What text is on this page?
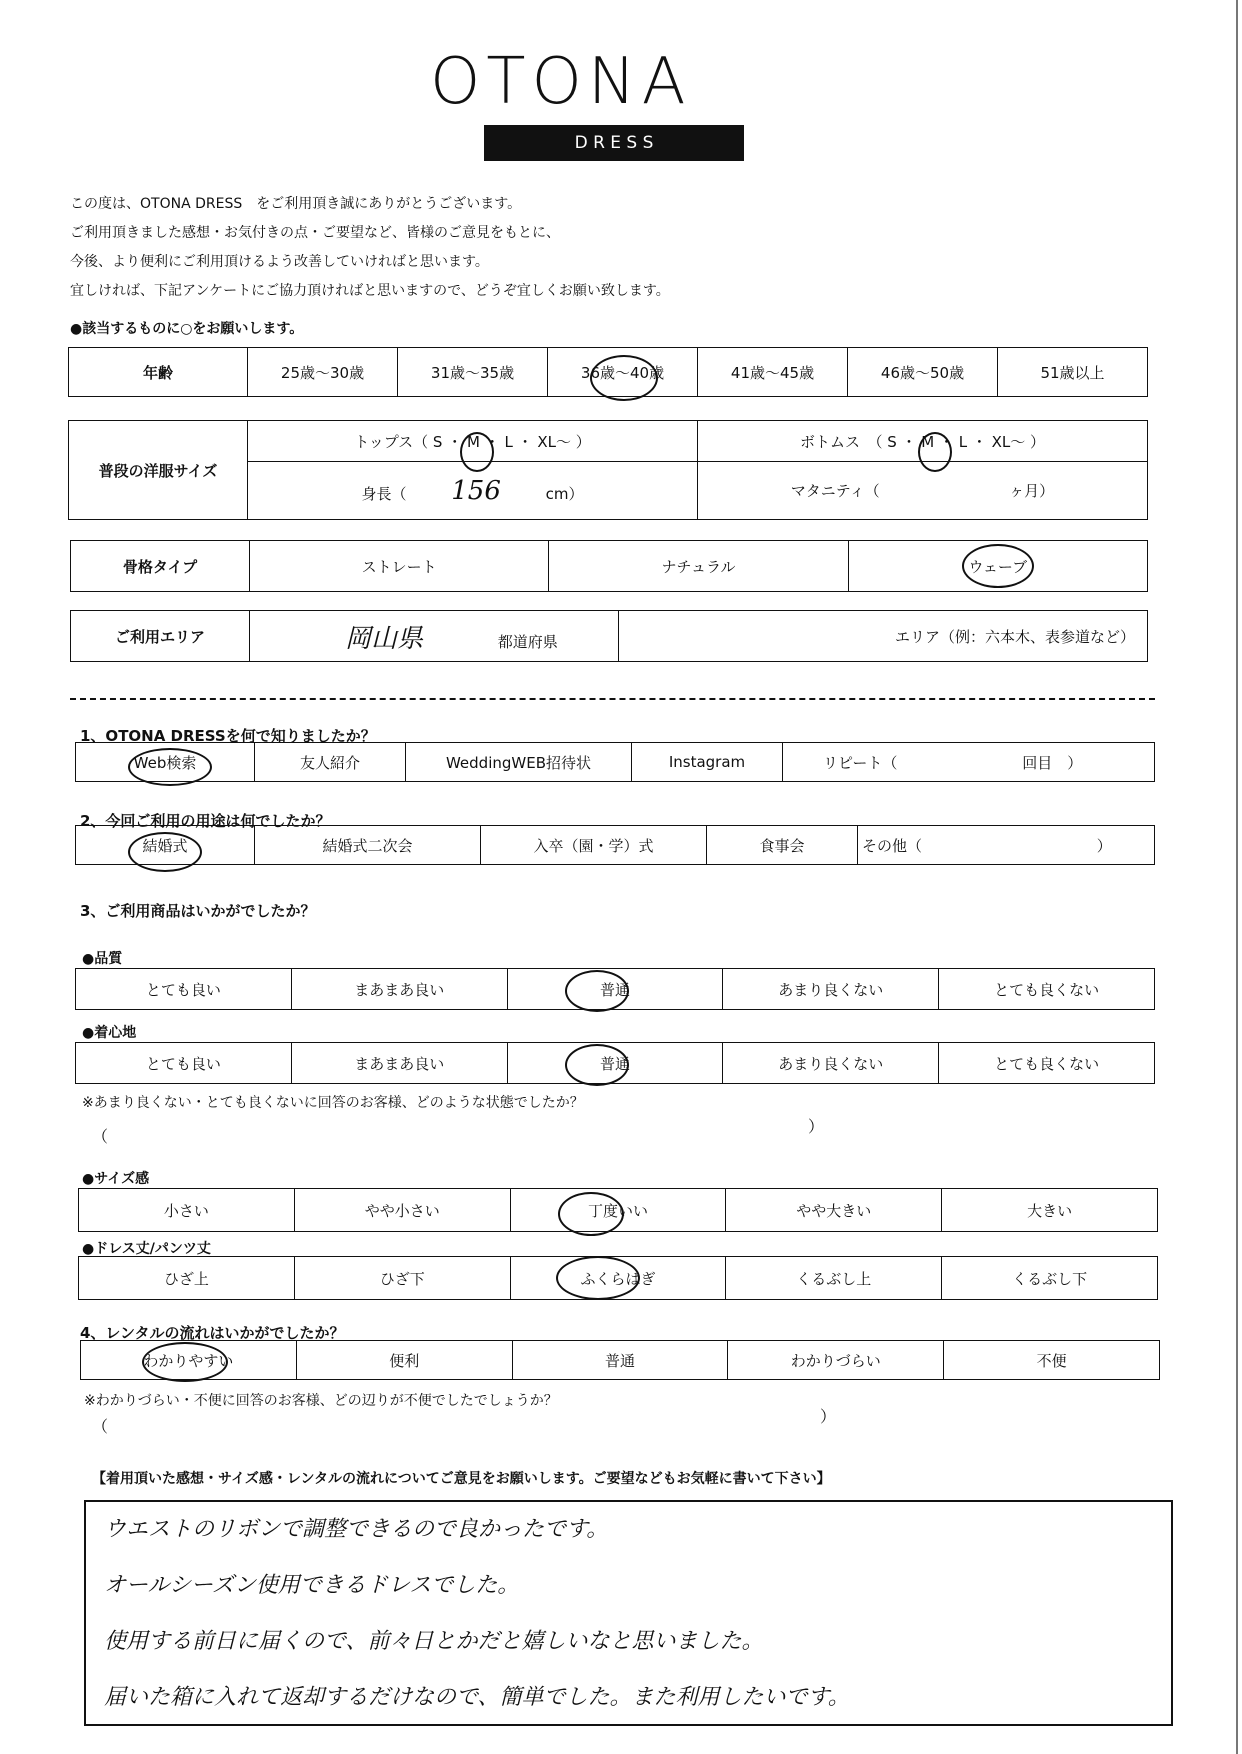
OTONA
D R E S S
この度は、OTONA DRESS　をご利用頂き誠にありがとうございます。
ご利用頂きました感想・お気付きの点・ご要望など、皆様のご意見をもとに、
今後、より便利にご利用頂けるよう改善していければと思います。
宜しければ、下記アンケートにご協力頂ければと思いますので、どうぞ宜しくお願い致します。
●該当するものに○をお願いします。
年齢	25歳～30歳	31歳～35歳	36歳～40歳	41歳～45歳	46歳～50歳	51歳以上
普段の洋服サイズ	トップス（ S ・ M ・ L ・ XL～ ）	ボトムス　（ S ・ M ・ L ・ XL～ ）
	身長（ 156 cm）	マタニティ（ ヶ月）
骨格タイプ	ストレート	ナチュラル	ウェーブ
ご利用エリア	岡山県	都道府県	エリア（例：六本木、表参道など）
1、OTONA DRESSを何で知りましたか？
Web検索	友人紹介	WeddingWEB招待状	Instagram	リピート（	回目　）
2、今回ご利用の用途は何でしたか？
結婚式	結婚式二次会	入卒（園・学）式	食事会	その他（	）
3、ご利用商品はいかがでしたか？
●品質
とても良い	まあまあ良い	普通	あまり良くない	とても良くない
●着心地
とても良い	まあまあ良い	普通	あまり良くない	とても良くない
※あまり良くない・とても良くないに回答のお客様、どのような状態でしたか？
（
）
●サイズ感
小さい	やや小さい	丁度いい	やや大きい	大きい
●ドレス丈/パンツ丈
ひざ上	ひざ下	ふくらはぎ	くるぶし上	くるぶし下
4、レンタルの流れはいかがでしたか？
わかりやすい	便利	普通	わかりづらい	不便
※わかりづらい・不便に回答のお客様、どの辺りが不便でしたでしょうか？
（
）
【着用頂いた感想・サイズ感・レンタルの流れについてご意見をお願いします。ご要望などもお気軽に書いて下さい】
ウエストのリボンで調整できるので良かったです。
オールシーズン使用できるドレスでした。
使用する前日に届くので、前々日とかだと嬉しいなと思いました。
届いた箱に入れて返却するだけなので、簡単でした。また利用したいです。
